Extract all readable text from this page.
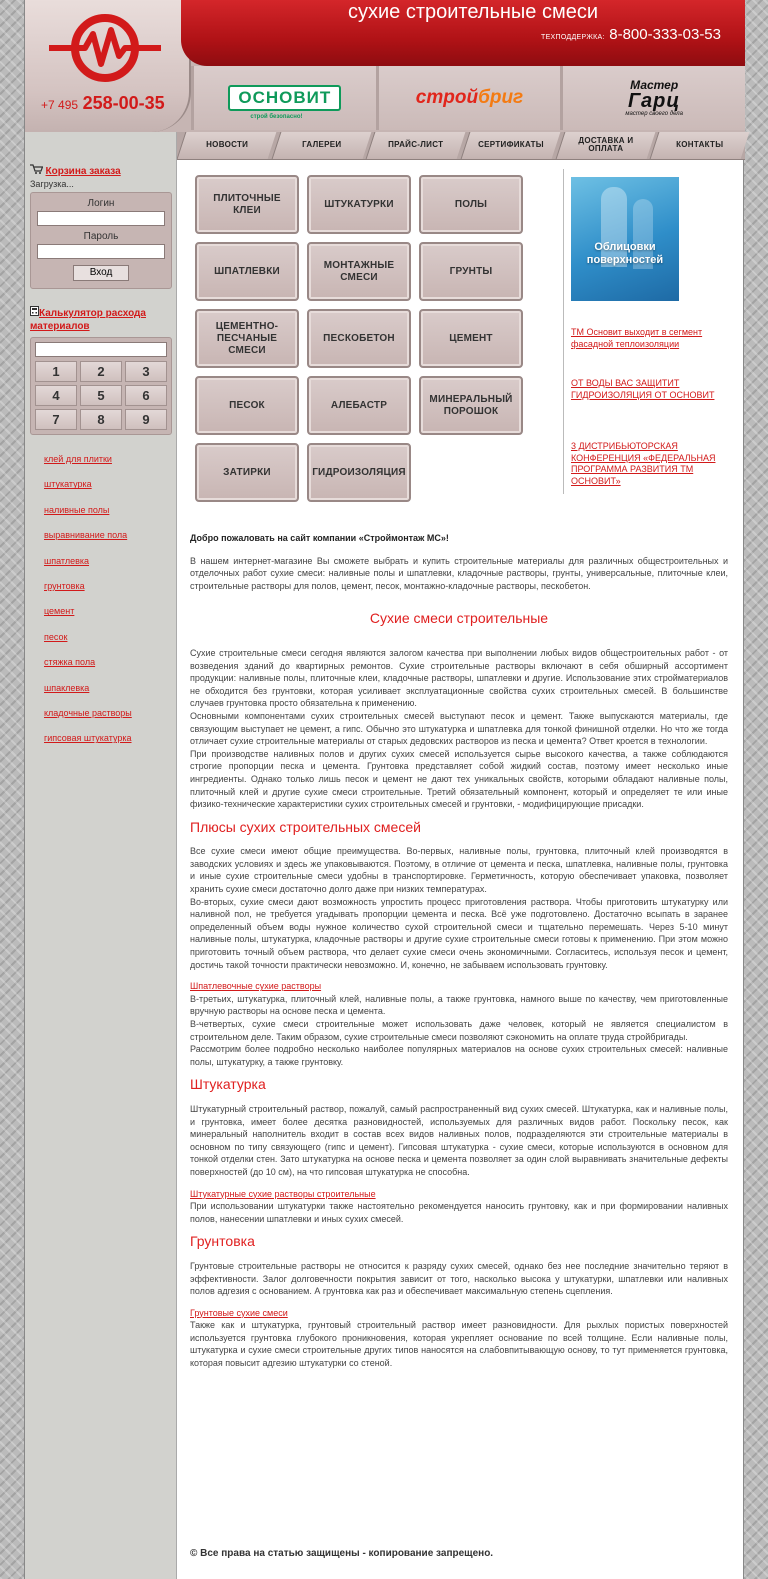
+7 495 258-00-35
сухие строительные смеси
ТЕХПОДДЕРЖКА: 8-800-333-03-53
ОСНОВИТ
строй безопасно!
стройбриг
Мастер
Гарц
мастер своего дела
НОВОСТИ	ГАЛЕРЕИ	ПРАЙС-ЛИСТ	СЕРТИФИКАТЫ	ДОСТАВКА И ОПЛАТА	КОНТАКТЫ
Корзина заказа
Загрузка...
Логин
Пароль
Вход
Калькулятор расхода материалов
1	2	3
4	5	6
7	8	9
клей для плитки
штукатурка
наливные полы
выравнивание пола
шпатлевка
грунтовка
цемент
песок
стяжка пола
шпаклевка
кладочные растворы
гипсовая штукатурка
ПЛИТОЧНЫЕ КЛЕИ
ШТУКАТУРКИ	ПОЛЫ
ШПАТЛЕВКИ
МОНТАЖНЫЕ СМЕСИ
ГРУНТЫ
ЦЕМЕНТНО-ПЕСЧАНЫЕ СМЕСИ
ПЕСКОБЕТОН	ЦЕМЕНТ
ПЕСОК	АЛЕБАСТР
МИНЕРАЛЬНЫЙ ПОРОШОК
ЗАТИРКИ	ГИДРОИЗОЛЯЦИЯ
Облицовки поверхностей
ТМ Основит выходит в сегмент фасадной теплоизоляции
ОТ ВОДЫ ВАС ЗАЩИТИТ ГИДРОИЗОЛЯЦИЯ ОТ ОСНОВИТ
3 ДИСТРИБЬЮТОРСКАЯ КОНФЕРЕНЦИЯ «ФЕДЕРАЛЬНАЯ ПРОГРАММА РАЗВИТИЯ ТМ ОСНОВИТ»

Добро пожаловать на сайт компании «Строймонтаж МС»!

В нашем интернет-магазине Вы сможете выбрать и купить строительные материалы для различных общестроительных и отделочных работ сухие смеси: наливные полы и шпатлевки, кладочные растворы, грунты, универсальные, плиточные клеи, строительные растворы для полов, цемент, песок, монтажно-кладочные растворы, пескобетон.

Сухие смеси строительные

Сухие строительные смеси сегодня являются залогом качества при выполнении любых видов общестроительных работ - от возведения зданий до квартирных ремонтов. Сухие строительные растворы включают в себя обширный ассортимент продукции: наливные полы, плиточные клеи, кладочные растворы, шпатлевки и другие. Использование этих стройматериалов не обходится без грунтовки, которая усиливает эксплуатационные свойства сухих строительных смесей. В большинстве случаев грунтовка просто обязательна к применению.

Основными компонентами сухих строительных смесей выступают песок и цемент. Также выпускаются материалы, где связующим выступает не цемент, а гипс. Обычно это штукатурка и шпатлевка для тонкой финишной отделки. Но что же тогда отличает сухие строительные материалы от старых дедовских растворов из песка и цемента? Ответ кроется в технологии.

При производстве наливных полов и других сухих смесей используется сырье высокого качества, а также соблюдаются строгие пропорции песка и цемента. Грунтовка представляет собой жидкий состав, поэтому имеет несколько иные ингредиенты. Однако только лишь песок и цемент не дают тех уникальных свойств, которыми обладают наливные полы, плиточный клей и другие сухие смеси строительные. Третий обязательный компонент, который и определяет те или иные физико-технические характеристики сухих строительных смесей и грунтовки, - модифицирующие присадки.

Плюсы сухих строительных смесей

Все сухие смеси имеют общие преимущества. Во-первых, наливные полы, грунтовка, плиточный клей производятся в заводских условиях и здесь же упаковываются. Поэтому, в отличие от цемента и песка, шпатлевка, наливные полы, грунтовка и иные сухие строительные смеси удобны в транспортировке. Герметичность, которую обеспечивает упаковка, позволяет хранить сухие смеси достаточно долго даже при низких температурах.

Во-вторых, сухие смеси дают возможность упростить процесс приготовления раствора. Чтобы приготовить штукатурку или наливной пол, не требуется угадывать пропорции цемента и песка. Всё уже подготовлено. Достаточно всыпать в заранее определенный объем воды нужное количество сухой строительной смеси и тщательно перемешать. Через 5-10 минут наливные полы, штукатурка, кладочные растворы и другие сухие строительные смеси готовы к применению. При этом можно приготовить точный объем раствора, что делает сухие смеси очень экономичными. Согласитесь, используя песок и цемент, достичь такой точности практически невозможно. И, конечно, не забываем использовать грунтовку.

Шпатлевочные сухие растворы

В-третьих, штукатурка, плиточный клей, наливные полы, а также грунтовка, намного выше по качеству, чем приготовленные вручную растворы на основе песка и цемента.

В-четвертых, сухие смеси строительные может использовать даже человек, который не является специалистом в строительном деле. Таким образом, сухие строительные смеси позволяют сэкономить на оплате труда стройбригады.

Рассмотрим более подробно несколько наиболее популярных материалов на основе сухих строительных смесей: наливные полы, штукатурку, а также грунтовку.

Штукатурка

Штукатурный строительный раствор, пожалуй, самый распространенный вид сухих смесей. Штукатурка, как и наливные полы, и грунтовка, имеет более десятка разновидностей, используемых для различных видов работ. Поскольку песок, как минеральный наполнитель входит в состав всех видов наливных полов, подразделяются эти строительные материалы в основном по типу связующего (гипс и цемент). Гипсовая штукатурка - сухие смеси, которые используются в основном для тонкой отделки стен. Зато штукатурка на основе песка и цемента позволяет за один слой выравнивать значительные дефекты поверхностей (до 10 см), на что гипсовая штукатурка не способна.

Штукатурные сухие растворы строительные

При использовании штукатурки также настоятельно рекомендуется наносить грунтовку, как и при формировании наливных полов, нанесении шпатлевки и иных сухих смесей.

Грунтовка

Грунтовые строительные растворы не относится к разряду сухих смесей, однако без нее последние значительно теряют в эффективности. Залог долговечности покрытия зависит от того, насколько высока у штукатурки, шпатлевки или наливных полов адгезия с основанием. А грунтовка как раз и обеспечивает максимальную степень сцепления.

Грунтовые сухие смеси

Также как и штукатурка, грунтовый строительный раствор имеет разновидности. Для рыхлых пористых поверхностей используется грунтовка глубокого проникновения, которая укрепляет основание по всей толщине. Если наливные полы, штукатурка и сухие смеси строительные других типов наносятся на слабовпитывающую основу, то тут применяется грунтовка, которая повысит адгезию штукатурки со стеной.

© Все права на статью защищены - копирование запрещено.
